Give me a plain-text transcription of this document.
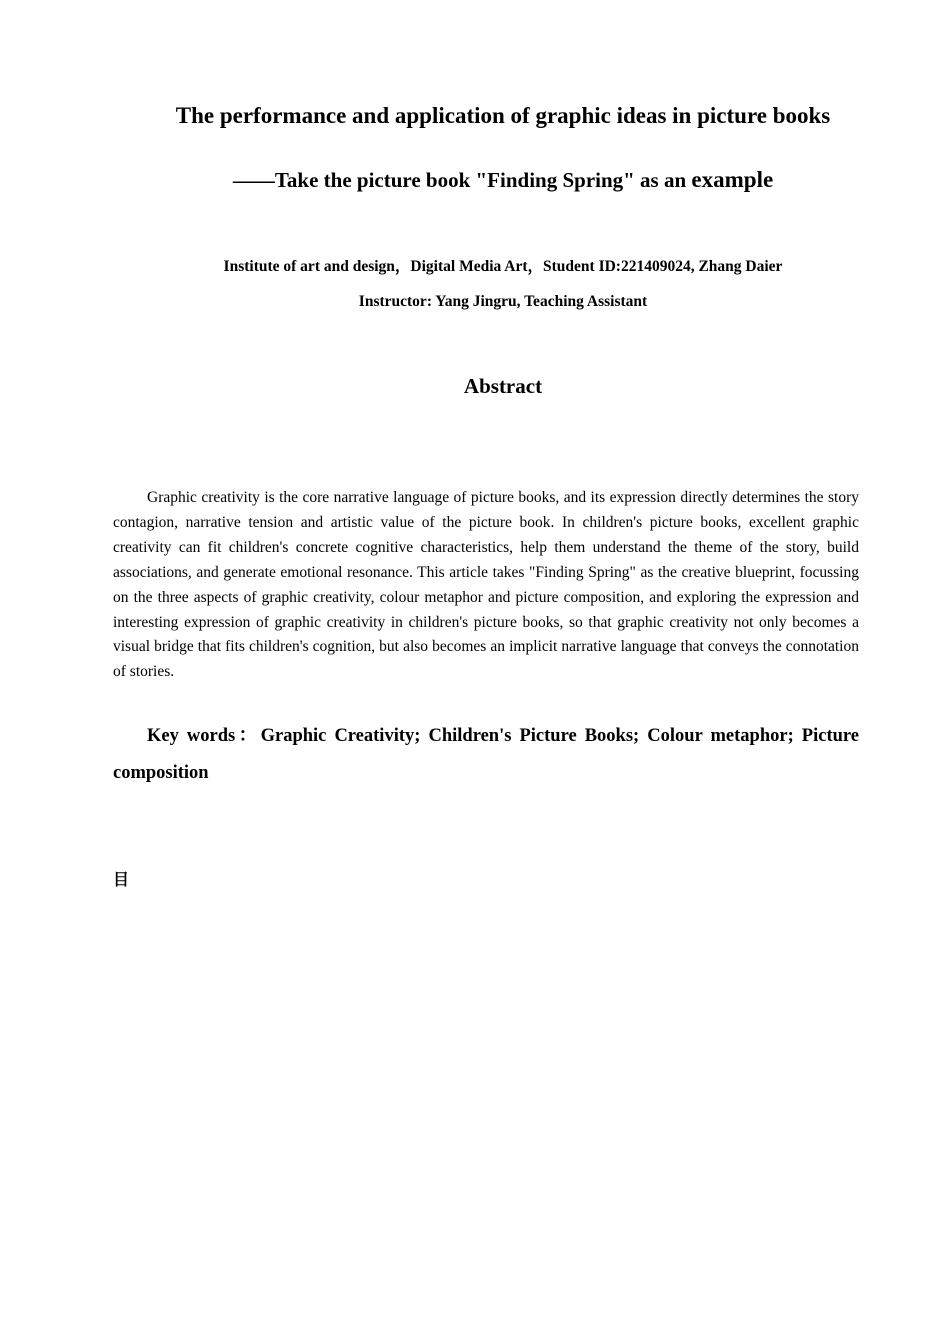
The performance and application of graphic ideas in picture books
——Take the picture book "Finding Spring" as an example
Institute of art and design，Digital Media Art，Student ID:221409024, Zhang Daier
Instructor: Yang Jingru, Teaching Assistant
Abstract

Graphic creativity is the core narrative language of picture books, and its expression directly determines the story contagion, narrative tension and artistic value of the picture book. In children's picture books, excellent graphic creativity can fit children's concrete cognitive characteristics, help them understand the theme of the story, build associations, and generate emotional resonance. This article takes "Finding Spring" as the creative blueprint, focussing on the three aspects of graphic creativity, colour metaphor and picture composition, and exploring the expression and interesting expression of graphic creativity in children's picture books, so that graphic creativity not only becomes a visual bridge that fits children's cognition, but also becomes an implicit narrative language that conveys the connotation of stories.

Key words：Graphic Creativity; Children's Picture Books; Colour metaphor; Picture composition

目
